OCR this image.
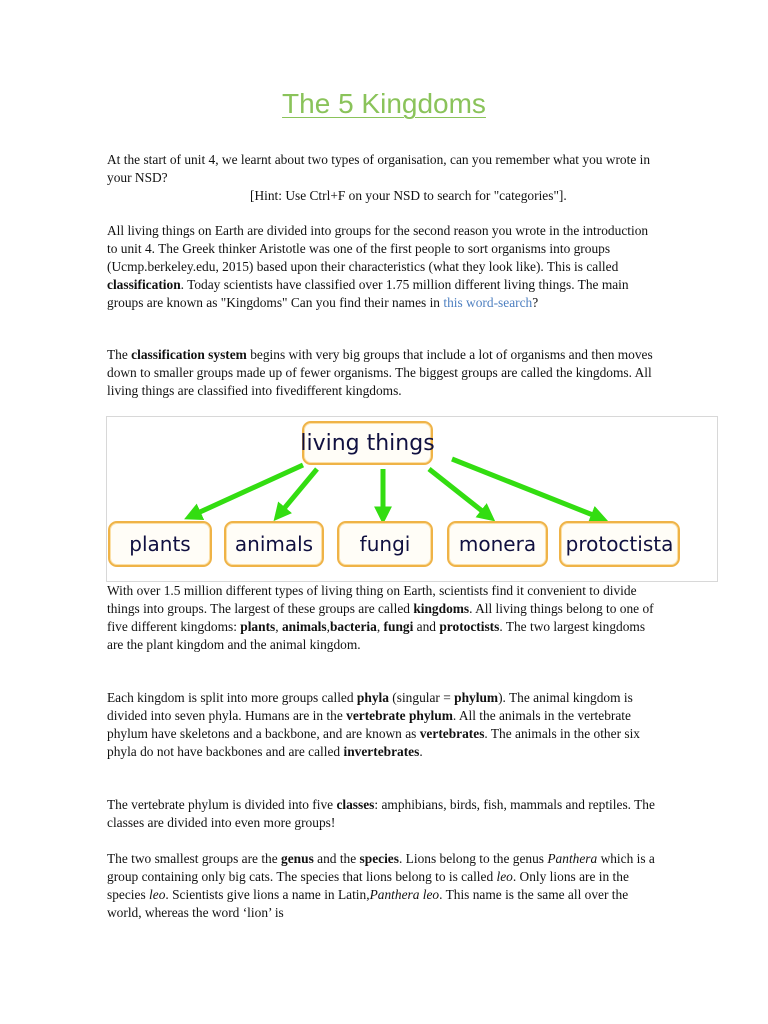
The 5 Kingdoms
At the start of unit 4, we learnt about two types of organisation, can you remember what you wrote in your NSD?
[Hint: Use Ctrl+F on your NSD to search for "categories"].
All living things on Earth are divided into groups for the second reason you wrote in the introduction to unit 4. The Greek thinker Aristotle was one of the first people to sort organisms into groups (Ucmp.berkeley.edu, 2015) based upon their characteristics (what they look like). This is called classification. Today scientists have classified over 1.75 million different living things. The main groups are known as "Kingdoms" Can you find their names in this word-search?
The classification system begins with very big groups that include a lot of organisms and then moves down to smaller groups made up of fewer organisms. The biggest groups are called the kingdoms. All living things are classified into fivedifferent kingdoms.
living things
plants	animals	fungi	monera	protoctista
With over 1.5 million different types of living thing on Earth, scientists find it convenient to divide things into groups. The largest of these groups are called kingdoms. All living things belong to one of five different kingdoms: plants, animals,bacteria, fungi and protoctists. The two largest kingdoms are the plant kingdom and the animal kingdom.
Each kingdom is split into more groups called phyla (singular = phylum). The animal kingdom is divided into seven phyla. Humans are in the vertebrate phylum. All the animals in the vertebrate phylum have skeletons and a backbone, and are known as vertebrates. The animals in the other six phyla do not have backbones and are called invertebrates.
The vertebrate phylum is divided into five classes: amphibians, birds, fish, mammals and reptiles. The classes are divided into even more groups!
The two smallest groups are the genus and the species. Lions belong to the genus Panthera which is a group containing only big cats. The species that lions belong to is called leo. Only lions are in the species leo. Scientists give lions a name in Latin,Panthera leo. This name is the same all over the world, whereas the word ‘lion’ is
